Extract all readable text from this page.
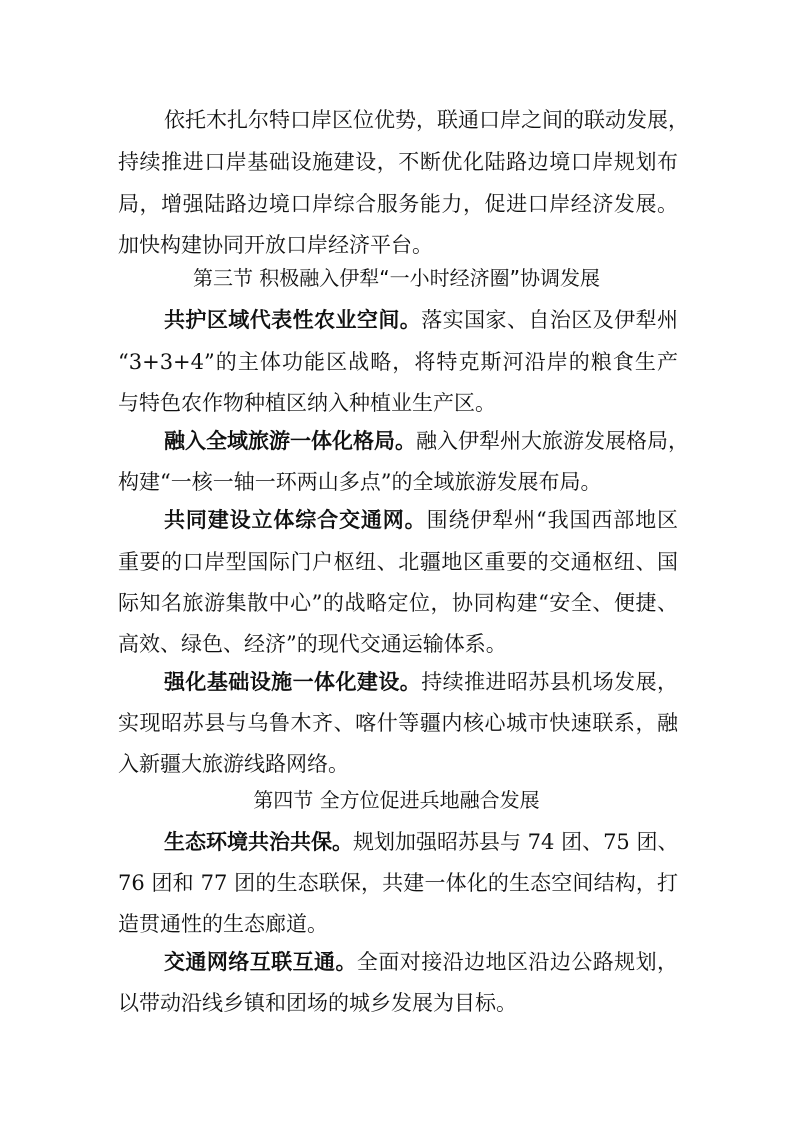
依托木扎尔特口岸区位优势，联通口岸之间的联动发展，
持续推进口岸基础设施建设，不断优化陆路边境口岸规划布
局，增强陆路边境口岸综合服务能力，促进口岸经济发展。
加快构建协同开放口岸经济平台。
第三节 积极融入伊犁“一小时经济圈”协调发展
共护区域代表性农业空间。落实国家、自治区及伊犁州
“3+3+4”的主体功能区战略，将特克斯河沿岸的粮食生产
与特色农作物种植区纳入种植业生产区。
融入全域旅游一体化格局。融入伊犁州大旅游发展格局，
构建“一核一轴一环两山多点”的全域旅游发展布局。
共同建设立体综合交通网。围绕伊犁州“我国西部地区
重要的口岸型国际门户枢纽、北疆地区重要的交通枢纽、国
际知名旅游集散中心”的战略定位，协同构建“安全、便捷、
高效、绿色、经济”的现代交通运输体系。
强化基础设施一体化建设。持续推进昭苏县机场发展，
实现昭苏县与乌鲁木齐、喀什等疆内核心城市快速联系，融
入新疆大旅游线路网络。
第四节 全方位促进兵地融合发展
生态环境共治共保。规划加强昭苏县与 74 团、75 团、
76 团和 77 团的生态联保，共建一体化的生态空间结构，打
造贯通性的生态廊道。
交通网络互联互通。全面对接沿边地区沿边公路规划，
以带动沿线乡镇和团场的城乡发展为目标。
